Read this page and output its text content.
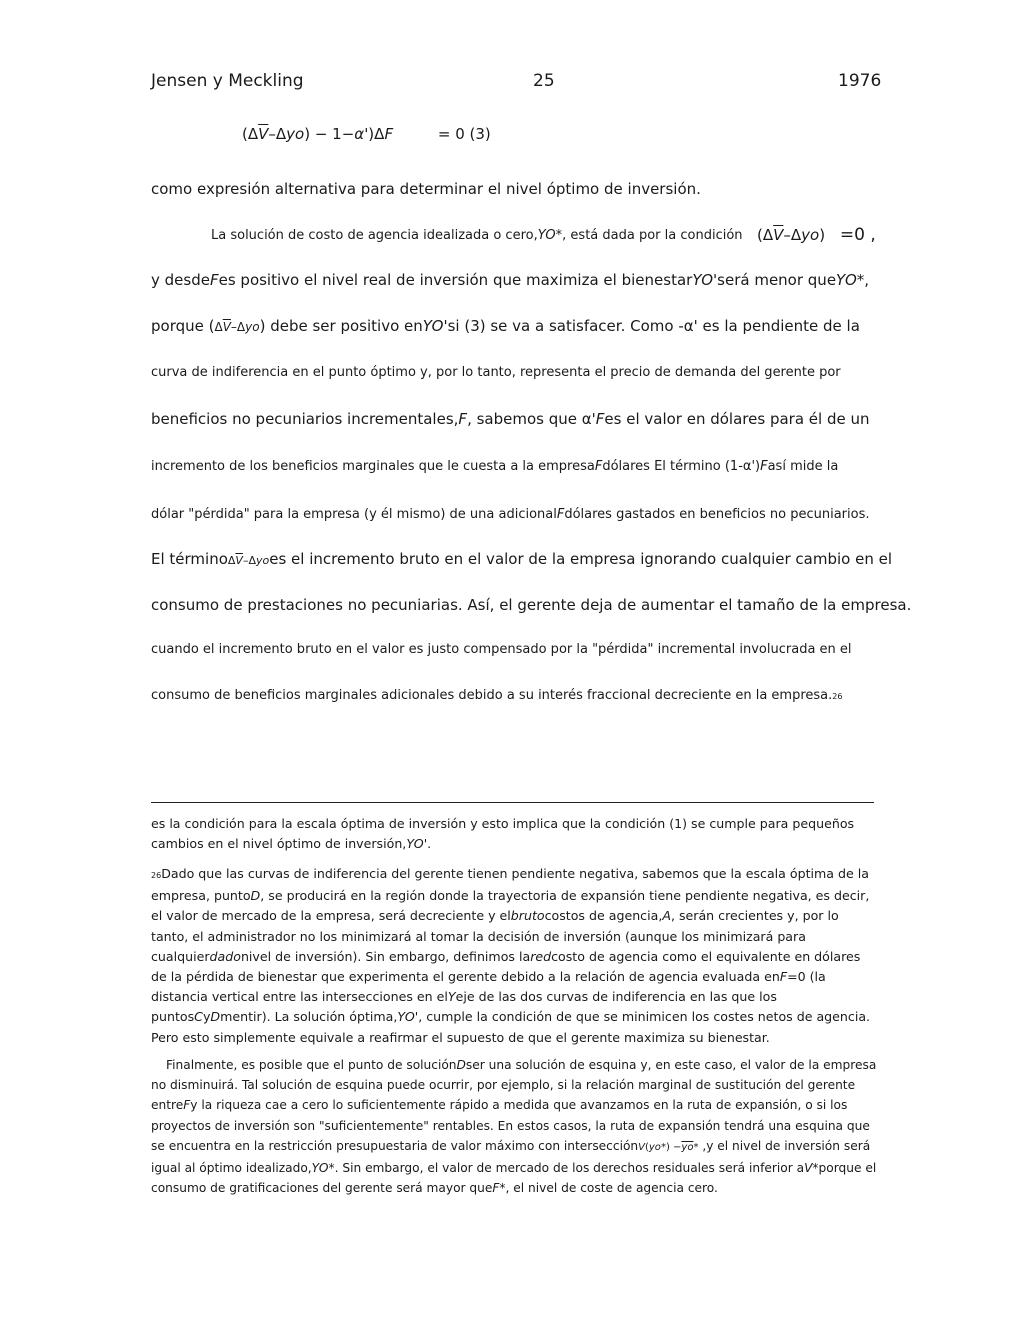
Jensen y Meckling	25	1976
$(\Delta\overline{V}-\Delta yo) - 1-\alpha')\Delta F$	= 0 (3)
como expresión alternativa para determinar el nivel óptimo de inversión.
La solución de costo de agencia idealizada o cero,YO*, está dada por la condición $(\Delta\overline{V}-\Delta yo) =0$ ,
y desdeFes positivo el nivel real de inversión que maximiza el bienestarYO'será menor queYO*,
porque $(\Delta\overline{V}-\Delta yo)$ debe ser positivo enYO'si (3) se va a satisfacer. Como -α' es la pendiente de la
curva de indiferencia en el punto óptimo y, por lo tanto, representa el precio de demanda del gerente por
beneficios no pecuniarios incrementales,F, sabemos que α'Fes el valor en dólares para él de un
incremento de los beneficios marginales que le cuesta a la empresaFdólares El término (1-α')Fasí mide la
dólar "pérdida" para la empresa (y él mismo) de una adicionalFdólares gastados en beneficios no pecuniarios.
El $término\Delta\overline{V}$–Δyoes el incremento bruto en el valor de la empresa ignorando cualquier cambio en el
consumo de prestaciones no pecuniarias. Así, el gerente deja de aumentar el tamaño de la empresa.
cuando el incremento bruto en el valor es justo compensado por la "pérdida" incremental involucrada en el
consumo de beneficios marginales adicionales debido a su interés fraccional decreciente en la empresa.26
es la condición para la escala óptima de inversión y esto implica que la condición (1) se cumple para pequeños cambios en el nivel óptimo de inversión,YO'.
26Dado que las curvas de indiferencia del gerente tienen pendiente negativa, sabemos que la escala óptima de la empresa, puntoD, se producirá en la región donde la trayectoria de expansión tiene pendiente negativa, es decir, el valor de mercado de la empresa, será decreciente y elbrutocostos de agencia,A, serán crecientes y, por lo tanto, el administrador no los minimizará al tomar la decisión de inversión (aunque los minimizará para cualquierdadonivel de inversión). Sin embargo, definimos laredcosto de agencia como el equivalente en dólares de la pérdida de bienestar que experimenta el gerente debido a la relación de agencia evaluada enF=0 (la distancia vertical entre las intersecciones en elYeje de las dos curvas de indiferencia en las que los puntosCyDmentir). La solución óptima,YO', cumple la condición de que se minimicen los costes netos de agencia. Pero esto simplemente equivale a reafirmar el supuesto de que el gerente maximiza su bienestar.
Finalmente, es posible que el punto de soluciónDser una solución de esquina y, en este caso, el valor de la empresa no disminuirá. Tal solución de esquina puede ocurrir, por ejemplo, si la relación marginal de sustitución del gerente entreFy la riqueza cae a cero lo suficientemente rápido a medida que avanzamos en la ruta de expansión, o si los proyectos de inversión son "suficientemente" rentables. En estos casos, la ruta de expansión tendrá una esquina que se encuentra en la restricción presupuestaria de valor máximo con intersecciónV(yo*) $-\overline{yo}*$ ,y el nivel de inversión será igual al óptimo idealizado,YO*. Sin embargo, el valor de mercado de los derechos residuales será inferior aV*porque el consumo de gratificaciones del gerente será mayor queF*, el nivel de coste de agencia cero.
